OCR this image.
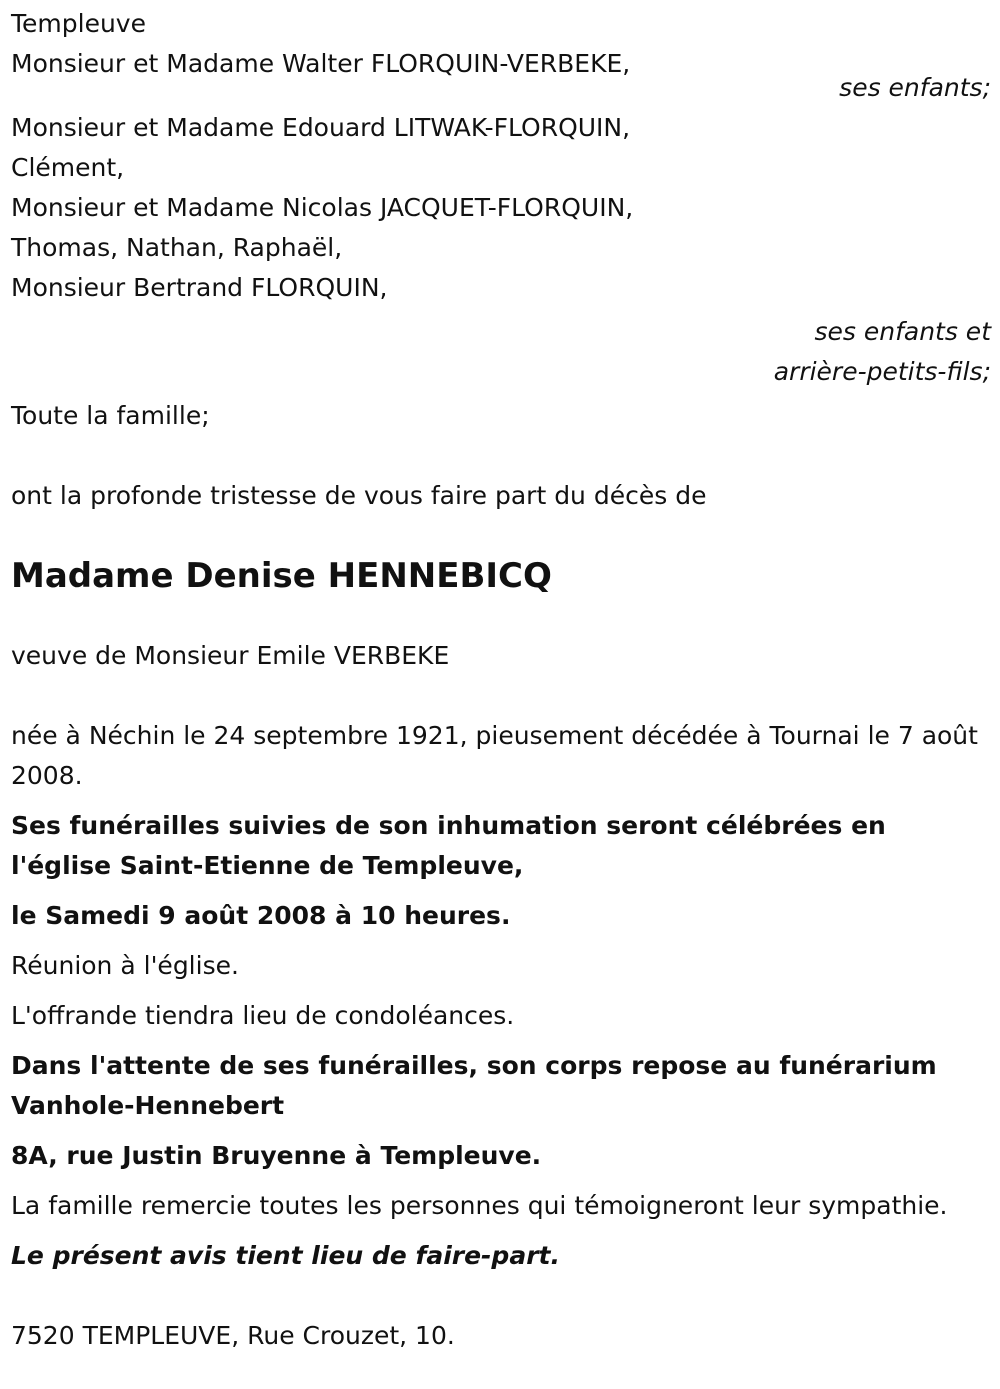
Templeuve
Monsieur et Madame Walter FLORQUIN-VERBEKE,
ses enfants;
Monsieur et Madame Edouard LITWAK-FLORQUIN,
Clément,
Monsieur et Madame Nicolas JACQUET-FLORQUIN,
Thomas, Nathan, Raphaël,
Monsieur Bertrand FLORQUIN,
ses enfants et
arrière-petits-fils;
Toute la famille;
ont la profonde tristesse de vous faire part du décès de
Madame Denise HENNEBICQ
veuve de Monsieur Emile VERBEKE
née à Néchin le 24 septembre 1921, pieusement décédée à Tournai le 7 août 2008.
Ses funérailles suivies de son inhumation seront célébrées en l'église Saint-Etienne de Templeuve,
le Samedi 9 août 2008 à 10 heures.
Réunion à l'église.
L'offrande tiendra lieu de condoléances.
Dans l'attente de ses funérailles, son corps repose au funérarium Vanhole-Hennebert
8A, rue Justin Bruyenne à Templeuve.
La famille remercie toutes les personnes qui témoigneront leur sympathie.
Le présent avis tient lieu de faire-part.
7520 TEMPLEUVE, Rue Crouzet, 10.
